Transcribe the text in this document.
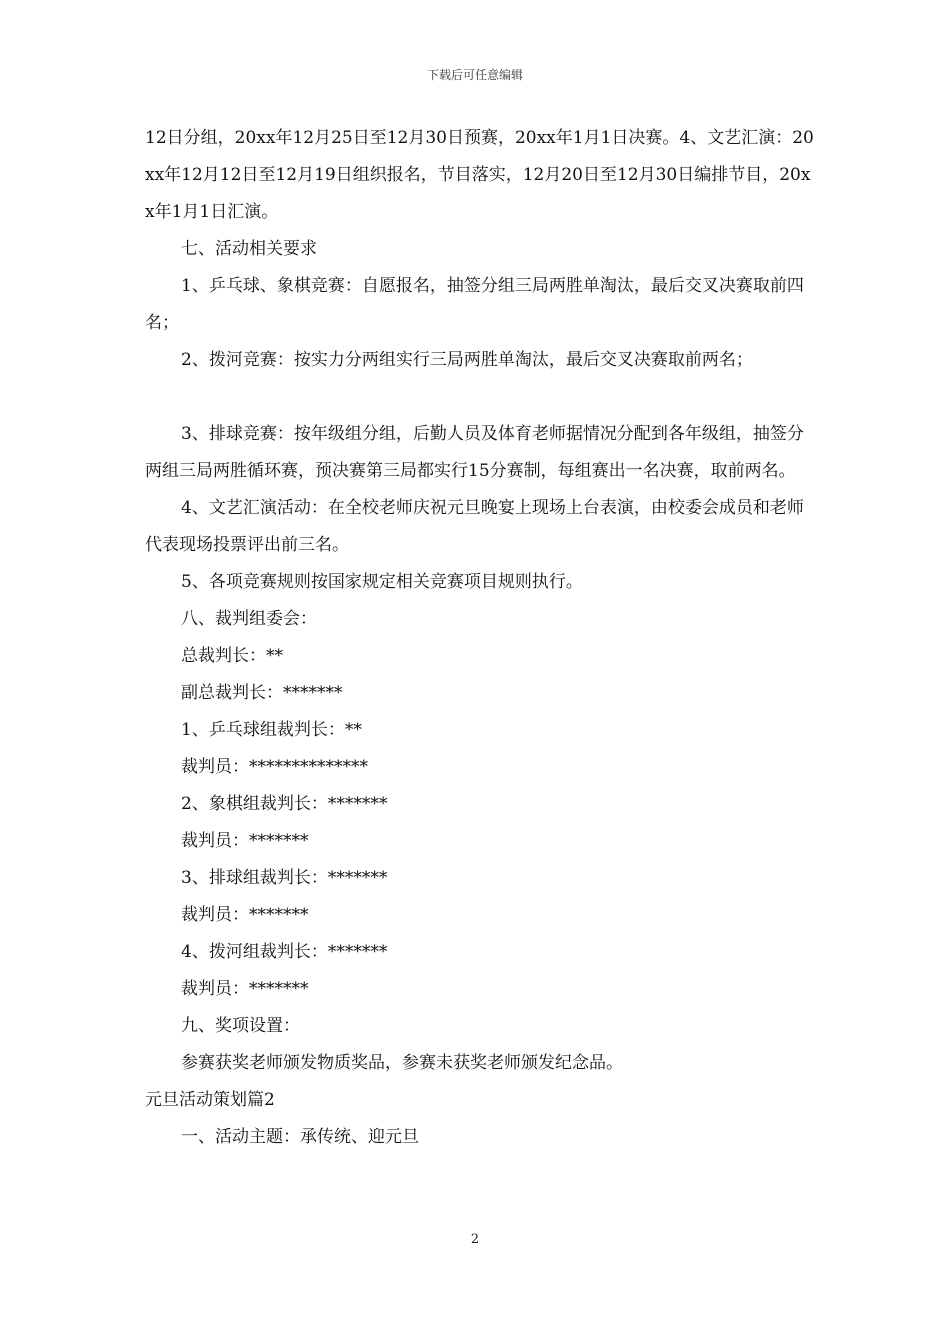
下载后可任意编辑

12日分组，20xx年12月25日至12月30日预赛，20xx年1月1日决赛。4、文艺汇演：20xx年12月12日至12月19日组织报名，节目落实，12月20日至12月30日编排节目，20xx年1月1日汇演。

七、活动相关要求

1、乒乓球、象棋竞赛：自愿报名，抽签分组三局两胜单淘汰，最后交叉决赛取前四名；

2、拨河竞赛：按实力分两组实行三局两胜单淘汰，最后交叉决赛取前两名；

3、排球竞赛：按年级组分组，后勤人员及体育老师据情况分配到各年级组，抽签分两组三局两胜循环赛，预决赛第三局都实行15分赛制，每组赛出一名决赛，取前两名。

4、文艺汇演活动：在全校老师庆祝元旦晚宴上现场上台表演，由校委会成员和老师代表现场投票评出前三名。

5、各项竞赛规则按国家规定相关竞赛项目规则执行。

八、裁判组委会：

总裁判长：**

副总裁判长：*******

1、乒乓球组裁判长：**

裁判员：**************

2、象棋组裁判长：*******

裁判员：*******

3、排球组裁判长：*******

裁判员：*******

4、拨河组裁判长：*******

裁判员：*******

九、奖项设置：

参赛获奖老师颁发物质奖品，参赛未获奖老师颁发纪念品。

元旦活动策划篇2

一、活动主题：承传统、迎元旦

2
